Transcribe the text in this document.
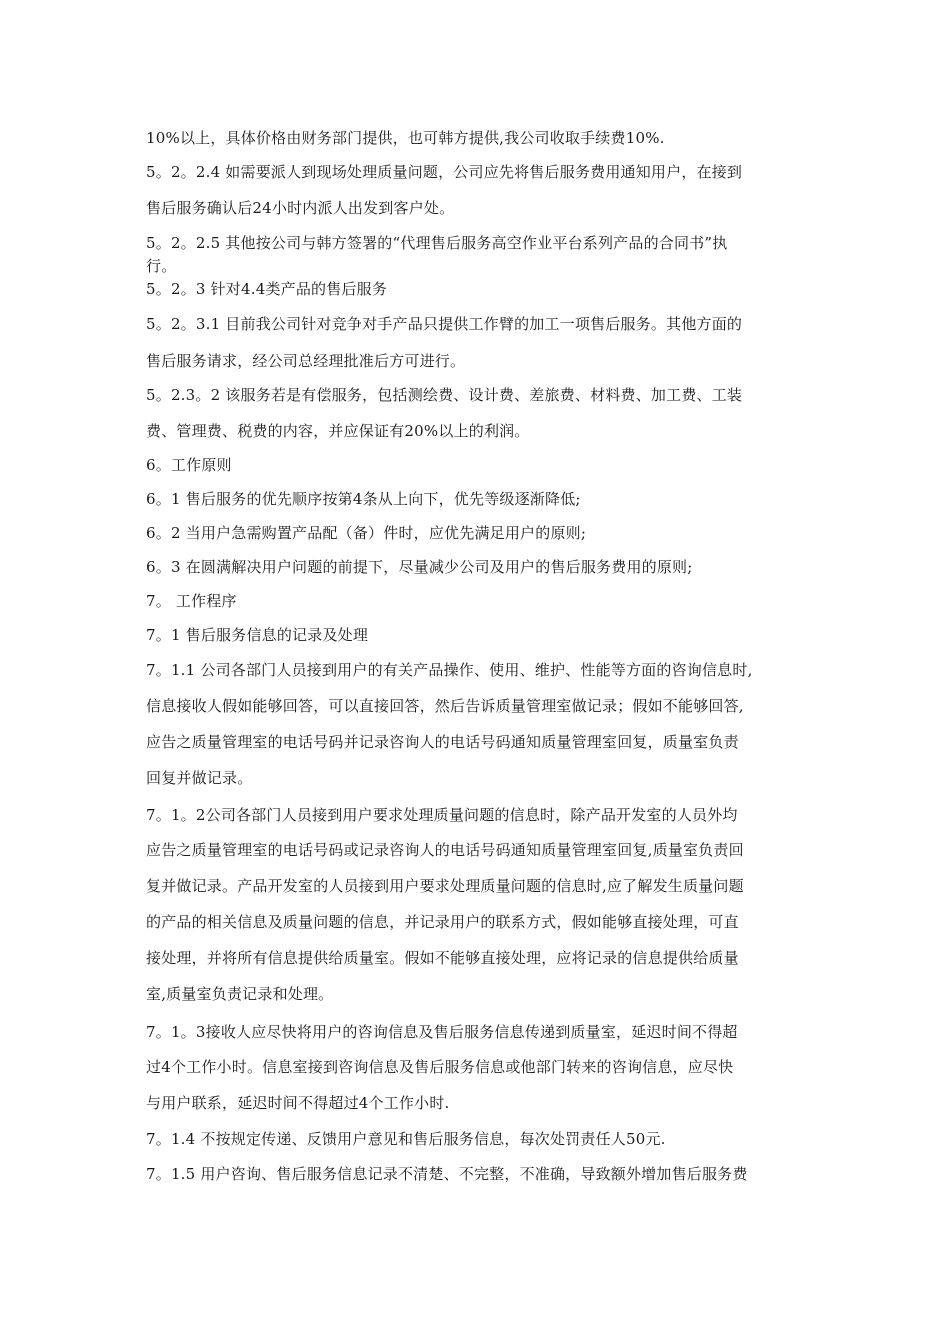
10%以上，具体价格由财务部门提供，也可韩方提供,我公司收取手续费10%.
5。2。2.4 如需要派人到现场处理质量问题，公司应先将售后服务费用通知用户，在接到
售后服务确认后24小时内派人出发到客户处。
5。2。2.5 其他按公司与韩方签署的“代理售后服务高空作业平台系列产品的合同书”执
行。
5。2。3 针对4.4类产品的售后服务
5。2。3.1 目前我公司针对竞争对手产品只提供工作臂的加工一项售后服务。其他方面的
售后服务请求，经公司总经理批准后方可进行。
5。2.3。2 该服务若是有偿服务，包括测绘费、设计费、差旅费、材料费、加工费、工装
费、管理费、税费的内容，并应保证有20%以上的利润。
6。工作原则
6。1 售后服务的优先顺序按第4条从上向下，优先等级逐渐降低;
6。2 当用户急需购置产品配（备）件时，应优先满足用户的原则;
6。3 在圆满解决用户问题的前提下，尽量减少公司及用户的售后服务费用的原则;
7。 工作程序
7。1 售后服务信息的记录及处理
7。1.1 公司各部门人员接到用户的有关产品操作、使用、维护、性能等方面的咨询信息时,
信息接收人假如能够回答，可以直接回答，然后告诉质量管理室做记录；假如不能够回答,
应告之质量管理室的电话号码并记录咨询人的电话号码通知质量管理室回复，质量室负责
回复并做记录。
7。1。2公司各部门人员接到用户要求处理质量问题的信息时，除产品开发室的人员外均
应告之质量管理室的电话号码或记录咨询人的电话号码通知质量管理室回复,质量室负责回
复并做记录。产品开发室的人员接到用户要求处理质量问题的信息时,应了解发生质量问题
的产品的相关信息及质量问题的信息，并记录用户的联系方式，假如能够直接处理，可直
接处理，并将所有信息提供给质量室。假如不能够直接处理，应将记录的信息提供给质量
室,质量室负责记录和处理。
7。1。3接收人应尽快将用户的咨询信息及售后服务信息传递到质量室，延迟时间不得超
过4个工作小时。信息室接到咨询信息及售后服务信息或他部门转来的咨询信息，应尽快
与用户联系，延迟时间不得超过4个工作小时.
7。1.4 不按规定传递、反馈用户意见和售后服务信息，每次处罚责任人50元.
7。1.5 用户咨询、售后服务信息记录不清楚、不完整，不准确，导致额外增加售后服务费
